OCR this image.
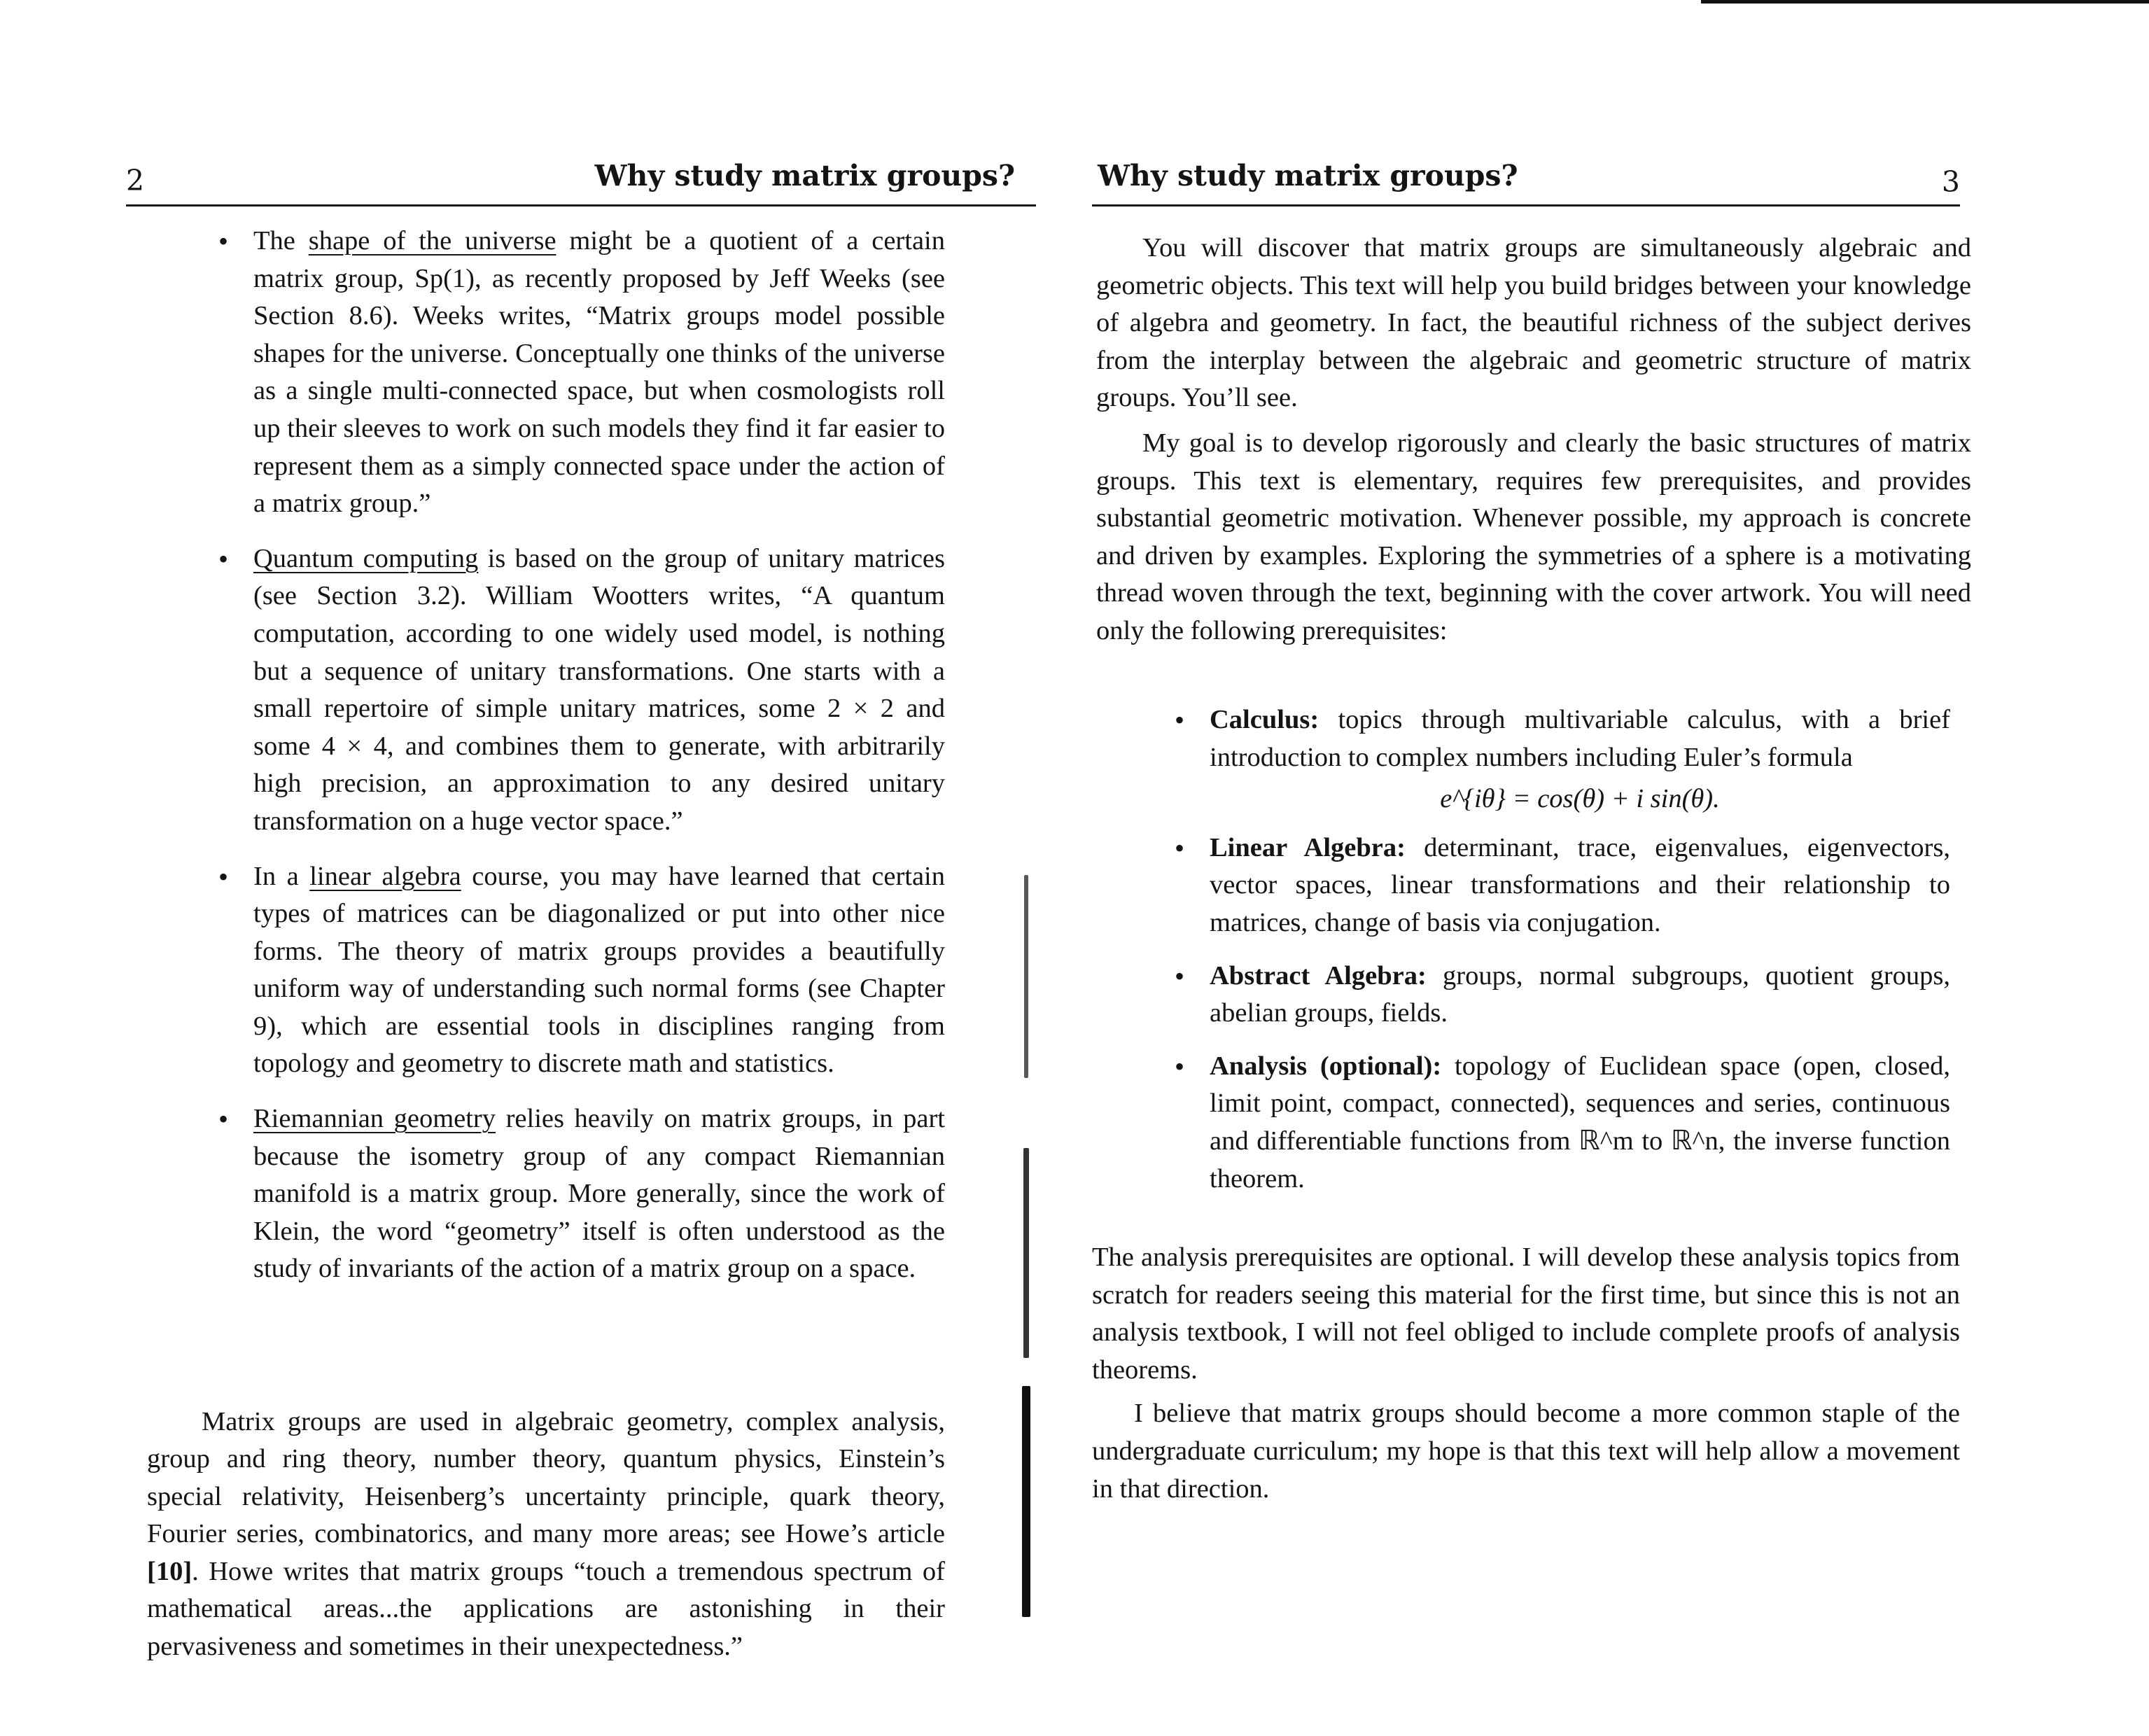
2	Why study matrix groups?
• The shape of the universe might be a quotient of a certain matrix group, Sp(1), as recently proposed by Jeff Weeks (see Section 8.6). Weeks writes, “Matrix groups model possible shapes for the universe. Conceptually one thinks of the universe as a single multi-connected space, but when cosmologists roll up their sleeves to work on such models they find it far easier to represent them as a simply connected space under the action of a matrix group.”
• Quantum computing is based on the group of unitary matrices (see Section 3.2). William Wootters writes, “A quantum computation, according to one widely used model, is nothing but a sequence of unitary transformations. One starts with a small repertoire of simple unitary matrices, some 2 × 2 and some 4 × 4, and combines them to generate, with arbitrarily high precision, an approximation to any desired unitary transformation on a huge vector space.”
• In a linear algebra course, you may have learned that certain types of matrices can be diagonalized or put into other nice forms. The theory of matrix groups provides a beautifully uniform way of understanding such normal forms (see Chapter 9), which are essential tools in disciplines ranging from topology and geometry to discrete math and statistics.
• Riemannian geometry relies heavily on matrix groups, in part because the isometry group of any compact Riemannian manifold is a matrix group. More generally, since the work of Klein, the word “geometry” itself is often understood as the study of invariants of the action of a matrix group on a space.

Matrix groups are used in algebraic geometry, complex analysis, group and ring theory, number theory, quantum physics, Einstein’s special relativity, Heisenberg’s uncertainty principle, quark theory, Fourier series, combinatorics, and many more areas; see Howe’s article [10]. Howe writes that matrix groups “touch a tremendous spectrum of mathematical areas...the applications are astonishing in their pervasiveness and sometimes in their unexpectedness.”

Why study matrix groups?	3

You will discover that matrix groups are simultaneously algebraic and geometric objects. This text will help you build bridges between your knowledge of algebra and geometry. In fact, the beautiful richness of the subject derives from the interplay between the algebraic and geometric structure of matrix groups. You’ll see.

My goal is to develop rigorously and clearly the basic structures of matrix groups. This text is elementary, requires few prerequisites, and provides substantial geometric motivation. Whenever possible, my approach is concrete and driven by examples. Exploring the symmetries of a sphere is a motivating thread woven through the text, beginning with the cover artwork. You will need only the following prerequisites:

• Calculus: topics through multivariable calculus, with a brief introduction to complex numbers including Euler’s formula
e^{iθ} = cos(θ) + i sin(θ).
• Linear Algebra: determinant, trace, eigenvalues, eigenvectors, vector spaces, linear transformations and their relationship to matrices, change of basis via conjugation.
• Abstract Algebra: groups, normal subgroups, quotient groups, abelian groups, fields.
• Analysis (optional): topology of Euclidean space (open, closed, limit point, compact, connected), sequences and series, continuous and differentiable functions from ℝ^m to ℝ^n, the inverse function theorem.

The analysis prerequisites are optional. I will develop these analysis topics from scratch for readers seeing this material for the first time, but since this is not an analysis textbook, I will not feel obliged to include complete proofs of analysis theorems.

I believe that matrix groups should become a more common staple of the undergraduate curriculum; my hope is that this text will help allow a movement in that direction.
